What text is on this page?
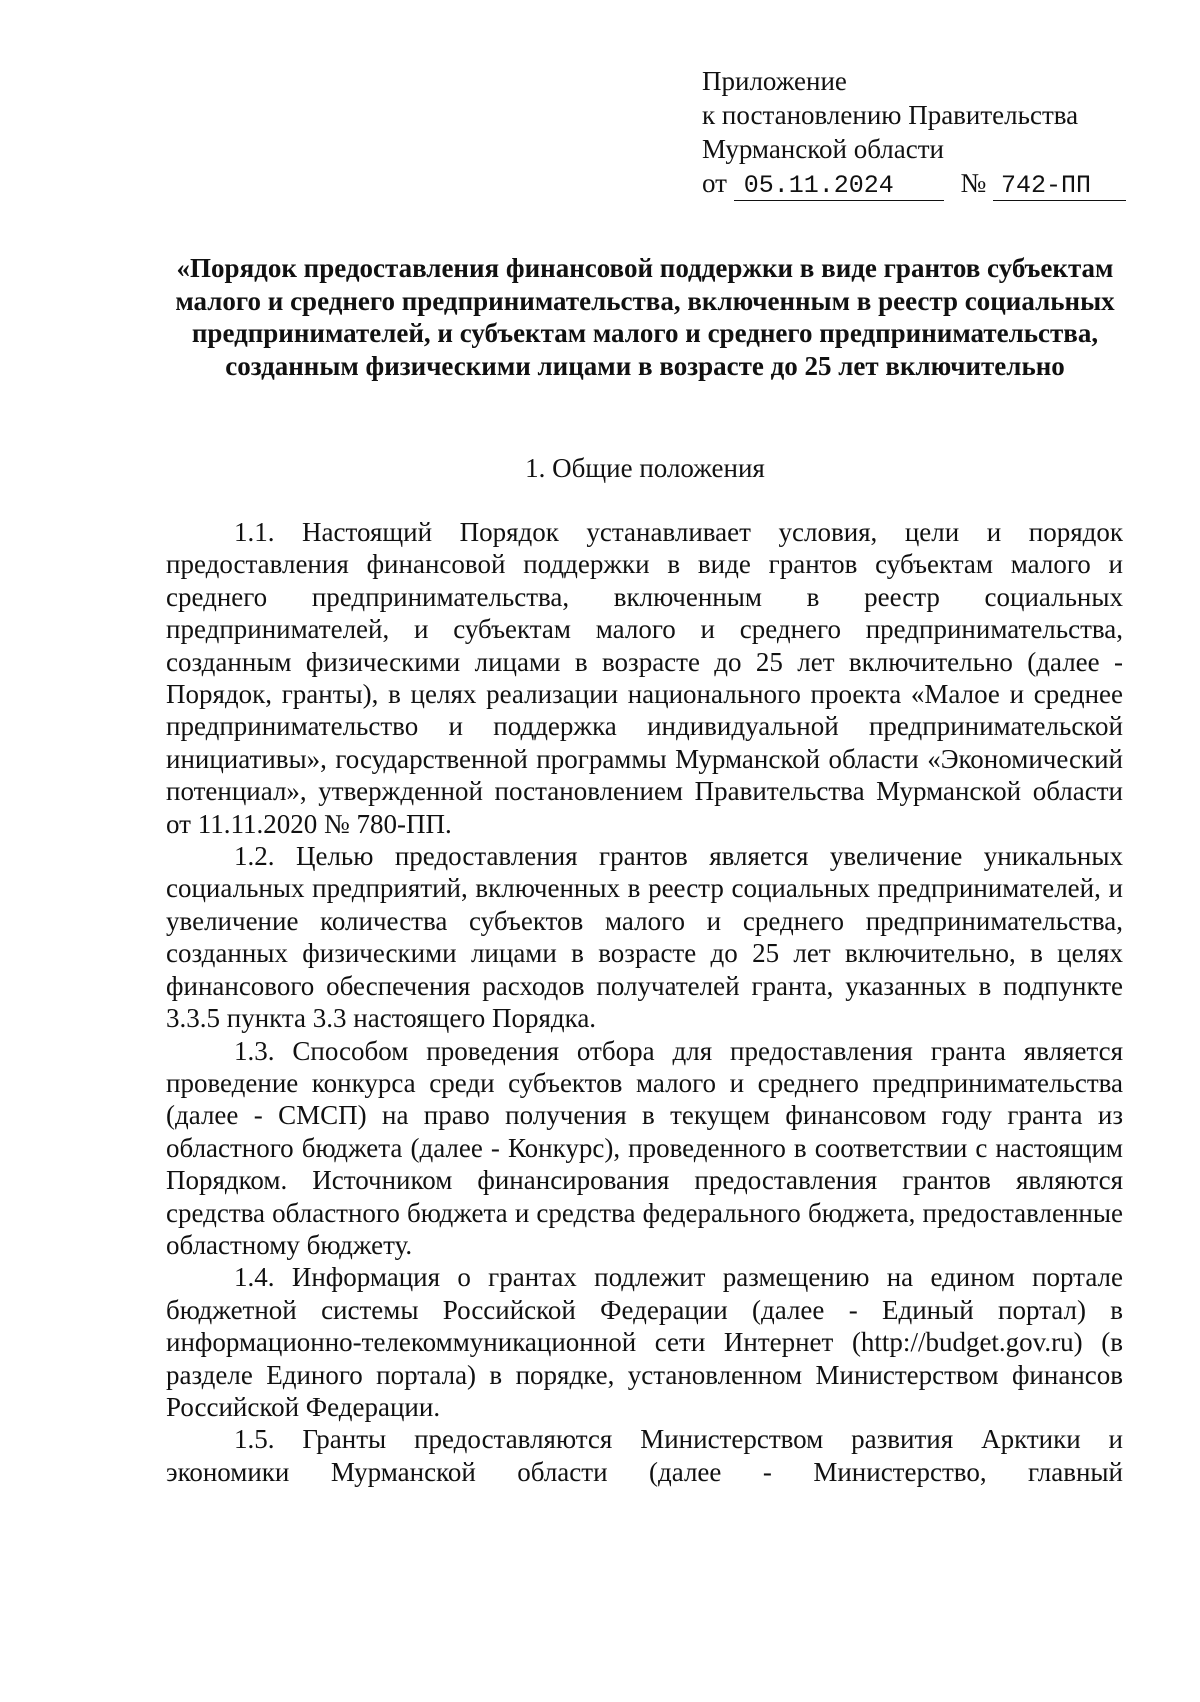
Приложение
к постановлению Правительства
Мурманской области
от 05.11.2024 № 742-ПП
«Порядок предоставления финансовой поддержки в виде грантов субъектам малого и среднего предпринимательства, включенным в реестр социальных предпринимателей, и субъектам малого и среднего предпринимательства, созданным физическими лицами в возрасте до 25 лет включительно
1. Общие положения

1.1. Настоящий Порядок устанавливает условия, цели и порядок предоставления финансовой поддержки в виде грантов субъектам малого и среднего предпринимательства, включенным в реестр социальных предпринимателей, и субъектам малого и среднего предпринимательства, созданным физическими лицами в возрасте до 25 лет включительно (далее - Порядок, гранты), в целях реализации национального проекта «Малое и среднее предпринимательство и поддержка индивидуальной предпринимательской инициативы», государственной программы Мурманской области «Экономический потенциал», утвержденной постановлением Правительства Мурманской области от 11.11.2020 № 780-ПП.

1.2. Целью предоставления грантов является увеличение уникальных социальных предприятий, включенных в реестр социальных предпринимателей, и увеличение количества субъектов малого и среднего предпринимательства, созданных физическими лицами в возрасте до 25 лет включительно, в целях финансового обеспечения расходов получателей гранта, указанных в подпункте 3.3.5 пункта 3.3 настоящего Порядка.

1.3. Способом проведения отбора для предоставления гранта является проведение конкурса среди субъектов малого и среднего предпринимательства (далее - СМСП) на право получения в текущем финансовом году гранта из областного бюджета (далее - Конкурс), проведенного в соответствии с настоящим Порядком. Источником финансирования предоставления грантов являются средства областного бюджета и средства федерального бюджета, предоставленные областному бюджету.

1.4. Информация о грантах подлежит размещению на едином портале бюджетной системы Российской Федерации (далее - Единый портал) в информационно-телекоммуникационной сети Интернет (http://budget.gov.ru) (в разделе Единого портала) в порядке, установленном Министерством финансов Российской Федерации.

1.5. Гранты предоставляются Министерством развития Арктики и экономики Мурманской области (далее - Министерство, главный
